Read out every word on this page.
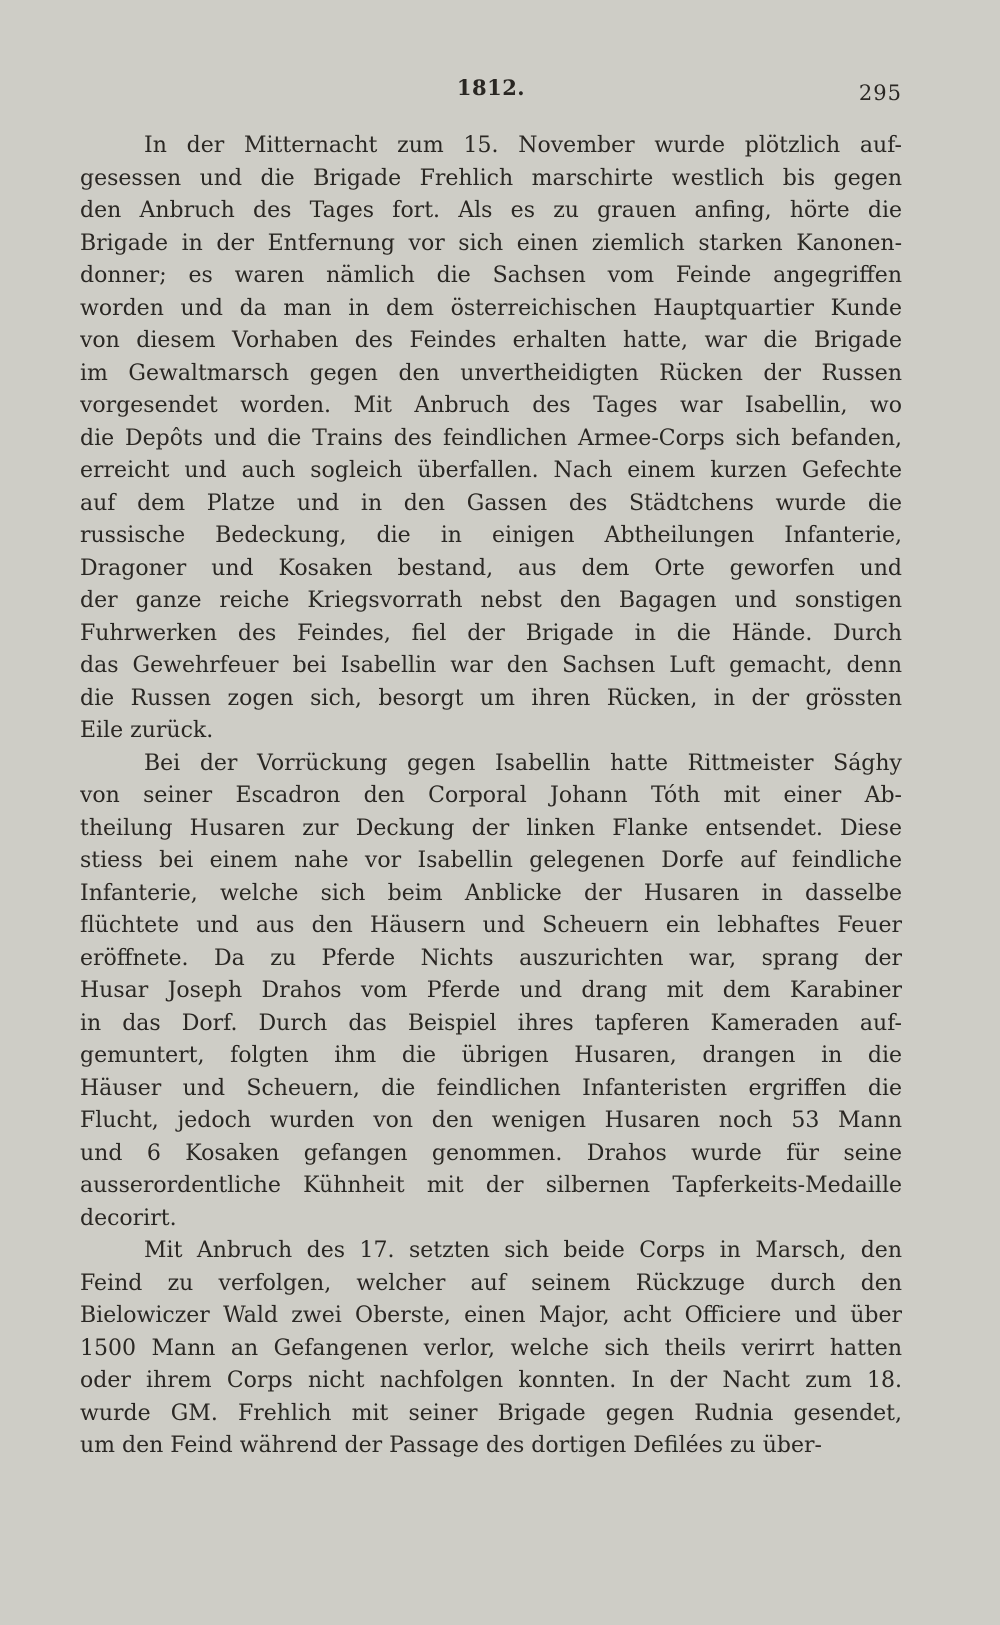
1812.	295
In der Mitternacht zum 15. November wurde plötzlich auf-
gesessen und die Brigade Frehlich marschirte westlich bis gegen
den Anbruch des Tages fort. Als es zu grauen anfing, hörte die
Brigade in der Entfernung vor sich einen ziemlich starken Kanonen-
donner; es waren nämlich die Sachsen vom Feinde angegriffen
worden und da man in dem österreichischen Hauptquartier Kunde
von diesem Vorhaben des Feindes erhalten hatte, war die Brigade
im Gewaltmarsch gegen den unvertheidigten Rücken der Russen
vorgesendet worden. Mit Anbruch des Tages war Isabellin, wo
die Depôts und die Trains des feindlichen Armee-Corps sich befanden,
erreicht und auch sogleich überfallen. Nach einem kurzen Gefechte
auf dem Platze und in den Gassen des Städtchens wurde die
russische Bedeckung, die in einigen Abtheilungen Infanterie,
Dragoner und Kosaken bestand, aus dem Orte geworfen und
der ganze reiche Kriegsvorrath nebst den Bagagen und sonstigen
Fuhrwerken des Feindes, fiel der Brigade in die Hände. Durch
das Gewehrfeuer bei Isabellin war den Sachsen Luft gemacht, denn
die Russen zogen sich, besorgt um ihren Rücken, in der grössten
Eile zurück.
Bei der Vorrückung gegen Isabellin hatte Rittmeister Sághy
von seiner Escadron den Corporal Johann Tóth mit einer Ab-
theilung Husaren zur Deckung der linken Flanke entsendet. Diese
stiess bei einem nahe vor Isabellin gelegenen Dorfe auf feindliche
Infanterie, welche sich beim Anblicke der Husaren in dasselbe
flüchtete und aus den Häusern und Scheuern ein lebhaftes Feuer
eröffnete. Da zu Pferde Nichts auszurichten war, sprang der
Husar Joseph Drahos vom Pferde und drang mit dem Karabiner
in das Dorf. Durch das Beispiel ihres tapferen Kameraden auf-
gemuntert, folgten ihm die übrigen Husaren, drangen in die
Häuser und Scheuern, die feindlichen Infanteristen ergriffen die
Flucht, jedoch wurden von den wenigen Husaren noch 53 Mann
und 6 Kosaken gefangen genommen. Drahos wurde für seine
ausserordentliche Kühnheit mit der silbernen Tapferkeits-Medaille
decorirt.
Mit Anbruch des 17. setzten sich beide Corps in Marsch, den
Feind zu verfolgen, welcher auf seinem Rückzuge durch den
Bielowiczer Wald zwei Oberste, einen Major, acht Officiere und über
1500 Mann an Gefangenen verlor, welche sich theils verirrt hatten
oder ihrem Corps nicht nachfolgen konnten. In der Nacht zum 18.
wurde GM. Frehlich mit seiner Brigade gegen Rudnia gesendet,
um den Feind während der Passage des dortigen Defilées zu über-
